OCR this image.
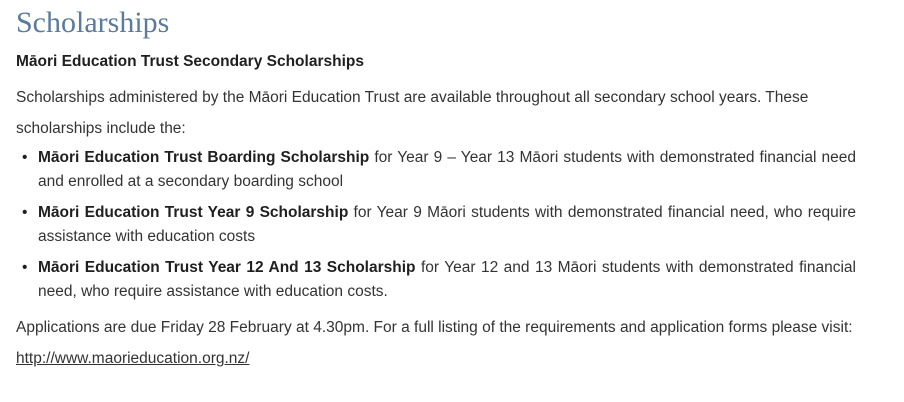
Scholarships
Māori Education Trust Secondary Scholarships

Scholarships administered by the Māori Education Trust are available throughout all secondary school years. These scholarships include the:

• Māori Education Trust Boarding Scholarship for Year 9 – Year 13 Māori students with demonstrated financial need and enrolled at a secondary boarding school
• Māori Education Trust Year 9 Scholarship for Year 9 Māori students with demonstrated financial need, who require assistance with education costs
• Māori Education Trust Year 12 And 13 Scholarship for Year 12 and 13 Māori students with demonstrated financial need, who require assistance with education costs.

Applications are due Friday 28 February at 4.30pm. For a full listing of the requirements and application forms please visit: http://www.maorieducation.org.nz/
